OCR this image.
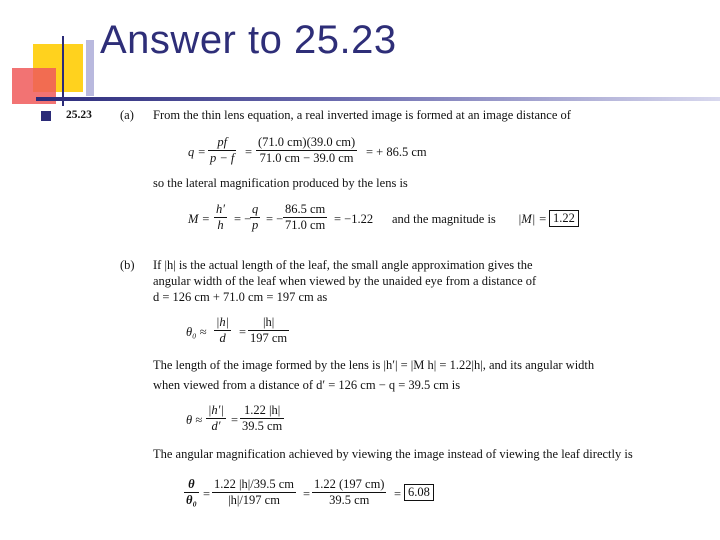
Answer to 25.23
25.23 (a) From the thin lens equation, a real inverted image is formed at an image distance of
q =
pf
p − f =
(71.0 cm)(39.0 cm)
71.0 cm − 39.0 cm = + 86.5 cm
so the lateral magnification produced by the lens is
M =
h′
h = −
q
p = −
86.5 cm
71.0 cm = −1.22 and the magnitude is |M| = 1.22
(b) If |h| is the actual length of the leaf, the small angle approximation gives the
angular width of the leaf when viewed by the unaided eye from a distance of
d = 126 cm + 71.0 cm = 197 cm as
θ₀ ≈
|h|
d =
|h|
197 cm
The length of the image formed by the lens is |h′| = |M h| = 1.22|h|, and its angular width
when viewed from a distance of d′ = 126 cm − q = 39.5 cm is
θ ≈
|h′|
d′ =
1.22 |h|
39.5 cm
The angular magnification achieved by viewing the image instead of viewing the leaf directly is
θ
θ₀ =
1.22 |h|/39.5 cm
|h|/197 cm =
1.22 (197 cm)
39.5 cm = 6.08
